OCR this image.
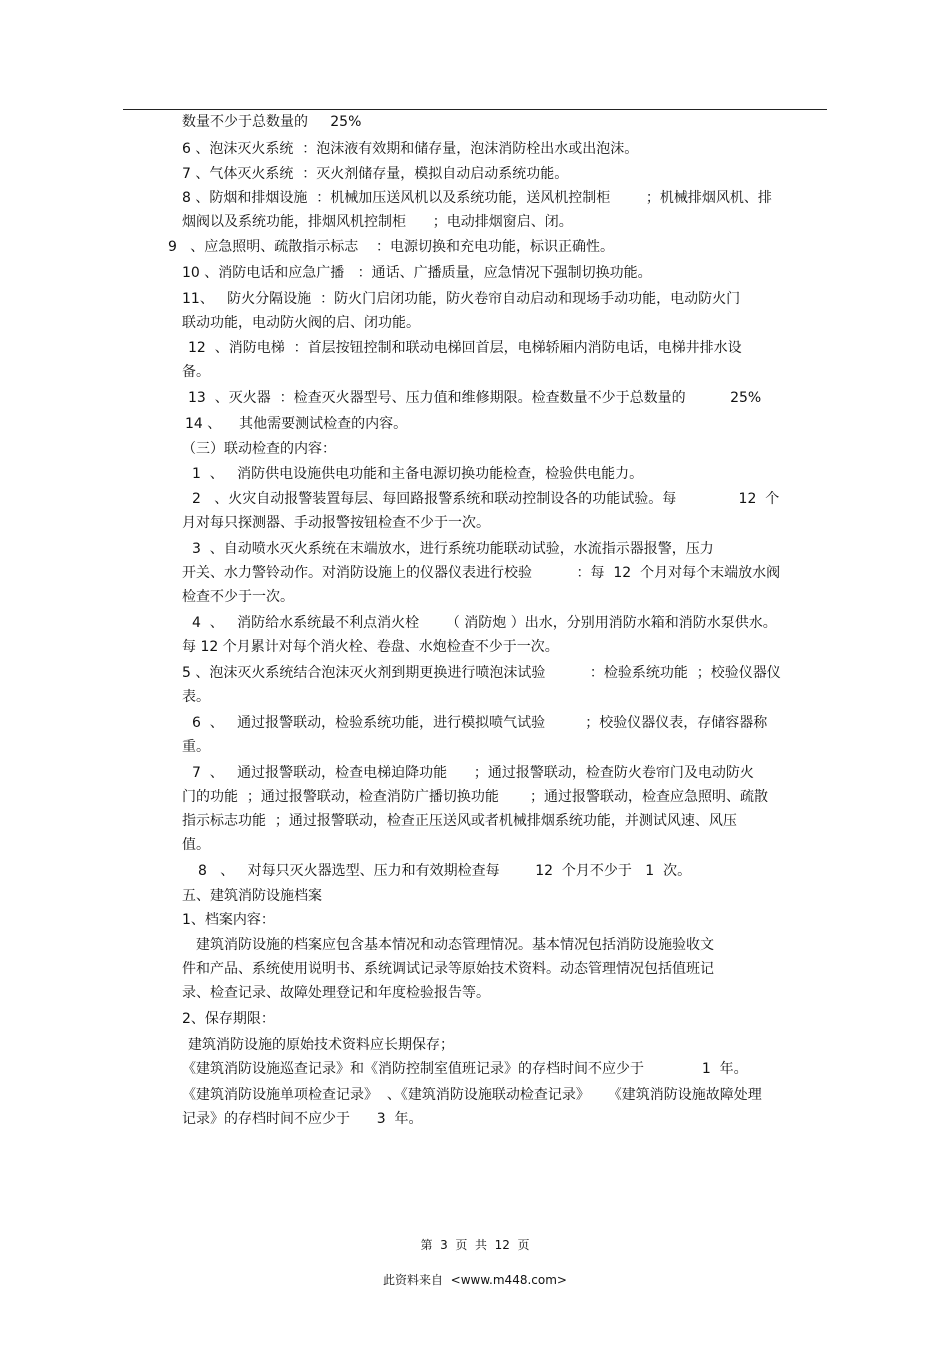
数量不少于总数量的     25%
6 、泡沫灭火系统  ：泡沫液有效期和储存量，泡沫消防栓出水或出泡沫。
7 、气体灭火系统  ：灭火剂储存量，模拟自动启动系统功能。
8 、防烟和排烟设施  ：机械加压送风机以及系统功能，送风机控制柜        ；机械排烟风机、排
烟阀以及系统功能，排烟风机控制柜      ；电动排烟窗启、闭。
9   、应急照明、疏散指示标志    ：电源切换和充电功能，标识正确性。
10 、消防电话和应急广播   ：通话、广播质量，应急情况下强制切换功能。
11、   防火分隔设施  ：防火门启闭功能，防火卷帘自动启动和现场手动功能，电动防火门
联动功能，电动防火阀的启、闭功能。
12  、消防电梯  ：首层按钮控制和联动电梯回首层，电梯轿厢内消防电话，电梯井排水设
备。
13  、灭火器  ：检查灭火器型号、压力值和维修期限。检查数量不少于总数量的          25%
14 、    其他需要测试检查的内容。
（三）联动检查的内容：
1  、   消防供电设施供电功能和主备电源切换功能检查，检验供电能力。
2   、火灾自动报警装置每层、每回路报警系统和联动控制设各的功能试验。每              12  个
月对每只探测器、手动报警按钮检查不少于一次。
3  、自动喷水灭火系统在末端放水，进行系统功能联动试验，水流指示器报警，压力
开关、水力警铃动作。对消防设施上的仪器仪表进行校验          ：每  12  个月对每个末端放水阀
检查不少于一次。
4  、   消防给水系统最不利点消火栓      （ 消防炮 ）出水，分别用消防水箱和消防水泵供水。
每 12 个月累计对每个消火栓、卷盘、水炮检查不少于一次。
5 、泡沫灭火系统结合泡沫灭火剂到期更换进行喷泡沫试验          ：检验系统功能  ；校验仪器仪
表。
6  、   通过报警联动，检验系统功能，进行模拟喷气试验         ；校验仪器仪表，存储容器称
重。
7  、   通过报警联动，检查电梯迫降功能      ；通过报警联动，检查防火卷帘门及电动防火
门的功能  ；通过报警联动，检查消防广播切换功能       ；通过报警联动，检查应急照明、疏散
指示标志功能  ；通过报警联动，检查正压送风或者机械排烟系统功能，并测试风速、风压
值。
8   、   对每只灭火器选型、压力和有效期检查每        12  个月不少于   1  次。
五、建筑消防设施档案
1、档案内容：
建筑消防设施的档案应包含基本情况和动态管理情况。基本情况包括消防设施验收文
件和产品、系统使用说明书、系统调试记录等原始技术资料。动态管理情况包括值班记
录、检查记录、故障处理登记和年度检验报告等。
2、保存期限：
建筑消防设施的原始技术资料应长期保存；
《建筑消防设施巡查记录》和《消防控制室值班记录》的存档时间不应少于             1  年。
《建筑消防设施单项检查记录》  、《建筑消防设施联动检查记录》    《建筑消防设施故障处理
记录》的存档时间不应少于      3  年。
第  3  页  共  12  页
此资料来自  <www.m448.com>
